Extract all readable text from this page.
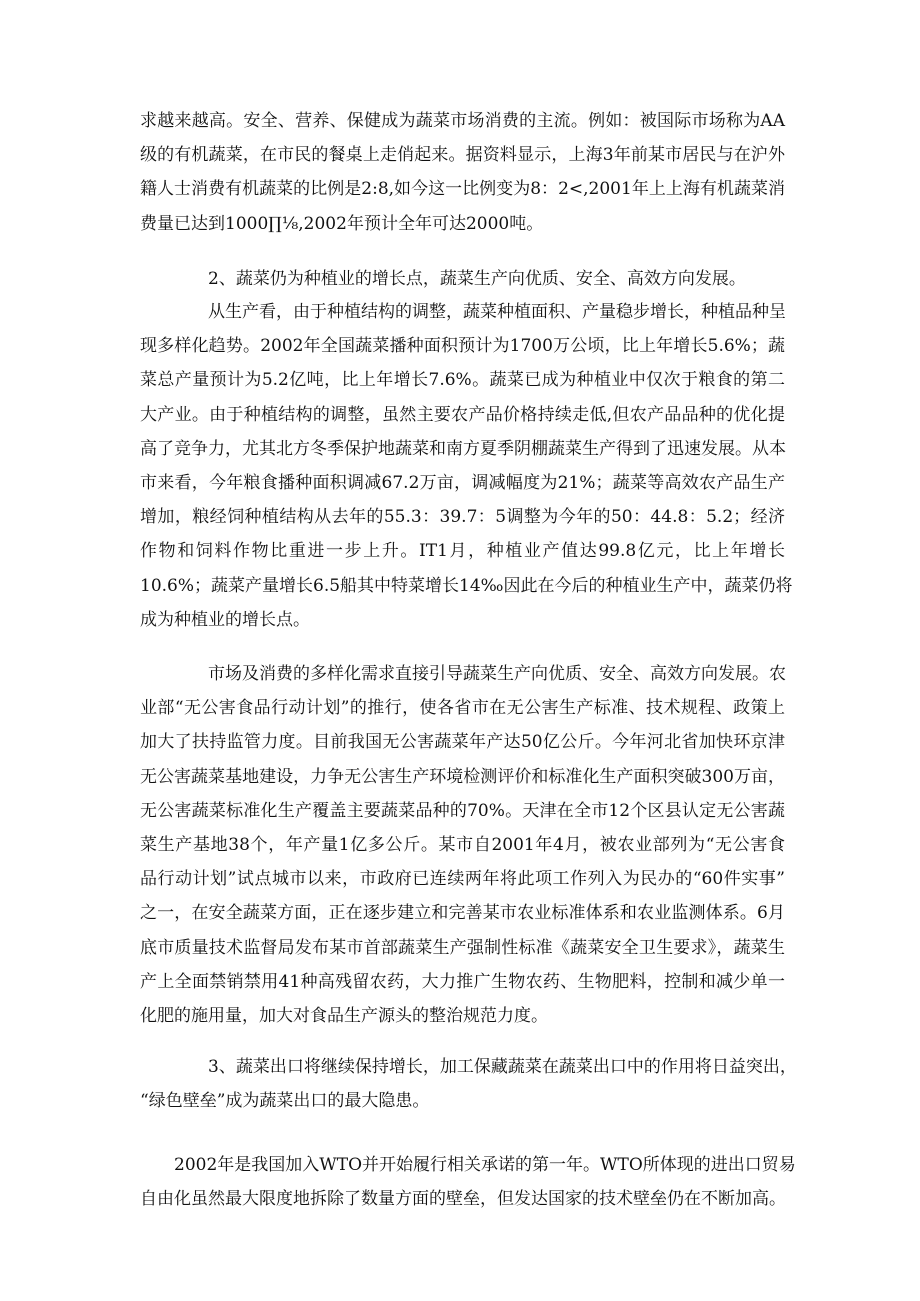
求越来越高。安全、营养、保健成为蔬菜市场消费的主流。例如：被国际市场称为AA
级的有机蔬菜，在市民的餐桌上走俏起来。据资料显示，上海3年前某市居民与在沪外
籍人士消费有机蔬菜的比例是2:8,如今这一比例变为8：2<,2001年上上海有机蔬菜消
费量已达到1000∏⅛,2002年预计全年可达2000吨。
2、蔬菜仍为种植业的增长点，蔬菜生产向优质、安全、高效方向发展。
从生产看，由于种植结构的调整，蔬菜种植面积、产量稳步增长，种植品种呈
现多样化趋势。2002年全国蔬菜播种面积预计为1700万公顷，比上年增长5.6%；蔬
菜总产量预计为5.2亿吨，比上年增长7.6%。蔬菜已成为种植业中仅次于粮食的第二
大产业。由于种植结构的调整，虽然主要农产品价格持续走低,但农产品品种的优化提
高了竞争力，尤其北方冬季保护地蔬菜和南方夏季阴棚蔬菜生产得到了迅速发展。从本
市来看，今年粮食播种面积调减67.2万亩，调减幅度为21%；蔬菜等高效农产品生产
增加，粮经饲种植结构从去年的55.3：39.7：5调整为今年的50：44.8：5.2；经济
作物和饲料作物比重进一步上升。IT1月，种植业产值达99.8亿元，比上年增长
10.6%；蔬菜产量增长6.5船其中特菜增长14‰因此在今后的种植业生产中，蔬菜仍将
成为种植业的增长点。
市场及消费的多样化需求直接引导蔬菜生产向优质、安全、高效方向发展。农
业部“无公害食品行动计划”的推行，使各省市在无公害生产标准、技术规程、政策上
加大了扶持监管力度。目前我国无公害蔬菜年产达50亿公斤。今年河北省加快环京津
无公害蔬菜基地建设，力争无公害生产环境检测评价和标准化生产面积突破300万亩，
无公害蔬菜标准化生产覆盖主要蔬菜品种的70%。天津在全市12个区县认定无公害蔬
菜生产基地38个，年产量1亿多公斤。某市自2001年4月，被农业部列为“无公害食
品行动计划”试点城市以来，市政府已连续两年将此项工作列入为民办的“60件实事”
之一，在安全蔬菜方面，正在逐步建立和完善某市农业标准体系和农业监测体系。6月
底市质量技术监督局发布某市首部蔬菜生产强制性标准《蔬菜安全卫生要求》，蔬菜生
产上全面禁销禁用41种高残留农药，大力推广生物农药、生物肥料，控制和减少单一
化肥的施用量，加大对食品生产源头的整治规范力度。
3、蔬菜出口将继续保持增长，加工保藏蔬菜在蔬菜出口中的作用将日益突出，
“绿色壁垒”成为蔬菜出口的最大隐患。
2002年是我国加入WTO并开始履行相关承诺的第一年。WTO所体现的进出口贸易
自由化虽然最大限度地拆除了数量方面的壁垒，但发达国家的技术壁垒仍在不断加高。
